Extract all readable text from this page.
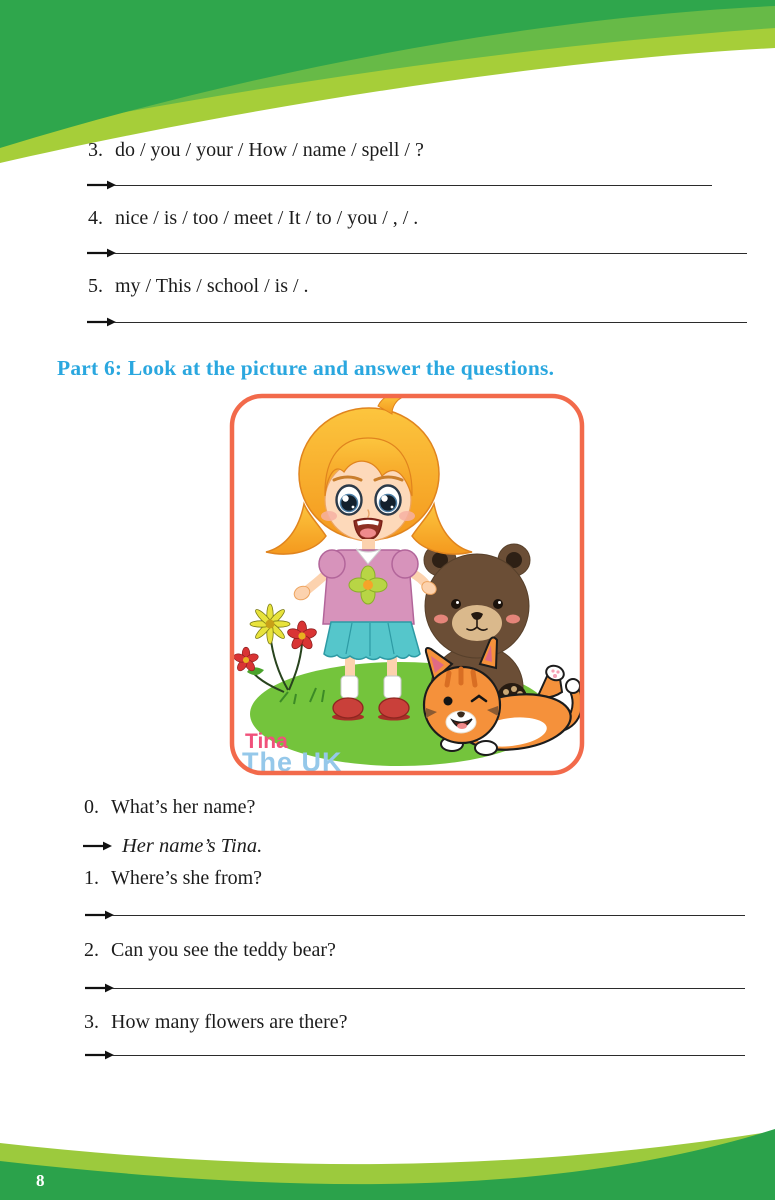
3. do / you / your / How / name / spell / ?
4. nice / is / too / meet / It / to / you / , / .
5. my / This / school / is / .
Part 6: Look at the picture and answer the questions.
Tina
The UK
0. What’s her name?
Her name’s Tina.
1. Where’s she from?
2. Can you see the teddy bear?
3. How many flowers are there?
8
